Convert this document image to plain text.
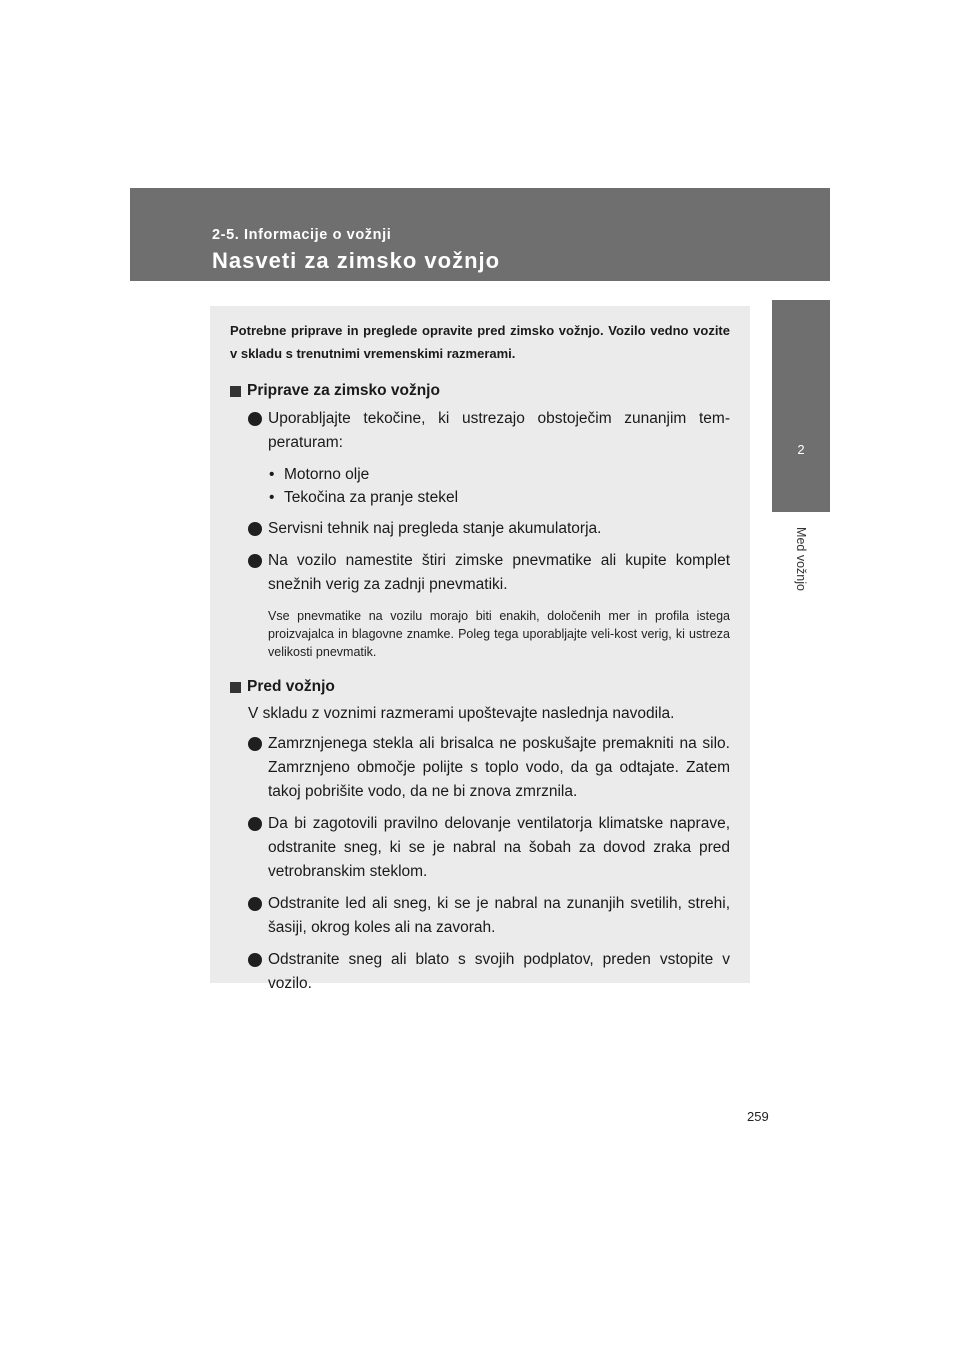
2-5. Informacije o vožnji
Nasveti za zimsko vožnjo
2
Med vožnjo

Potrebne priprave in preglede opravite pred zimsko vožnjo. Vozilo vedno vozite v skladu s trenutnimi vremenskimi razmerami.

Priprave za zimsko vožnjo
Uporabljajte tekočine, ki ustrezajo obstoječim zunanjim tem-peraturam:
• Motorno olje
• Tekočina za pranje stekel
Servisni tehnik naj pregleda stanje akumulatorja.
Na vozilo namestite štiri zimske pnevmatike ali kupite komplet snežnih verig za zadnji pnevmatiki.
Vse pnevmatike na vozilu morajo biti enakih, določenih mer in profila istega proizvajalca in blagovne znamke. Poleg tega uporabljajte veli-kost verig, ki ustreza velikosti pnevmatik.
Pred vožnjo
V skladu z voznimi razmerami upoštevajte naslednja navodila.
Zamrznjenega stekla ali brisalca ne poskušajte premakniti na silo. Zamrznjeno območje polijte s toplo vodo, da ga odtajate. Zatem takoj pobrišite vodo, da ne bi znova zmrznila.
Da bi zagotovili pravilno delovanje ventilatorja klimatske naprave, odstranite sneg, ki se je nabral na šobah za dovod zraka pred vetrobranskim steklom.
Odstranite led ali sneg, ki se je nabral na zunanjih svetilih, strehi, šasiji, okrog koles ali na zavorah.
Odstranite sneg ali blato s svojih podplatov, preden vstopite v vozilo.
259
